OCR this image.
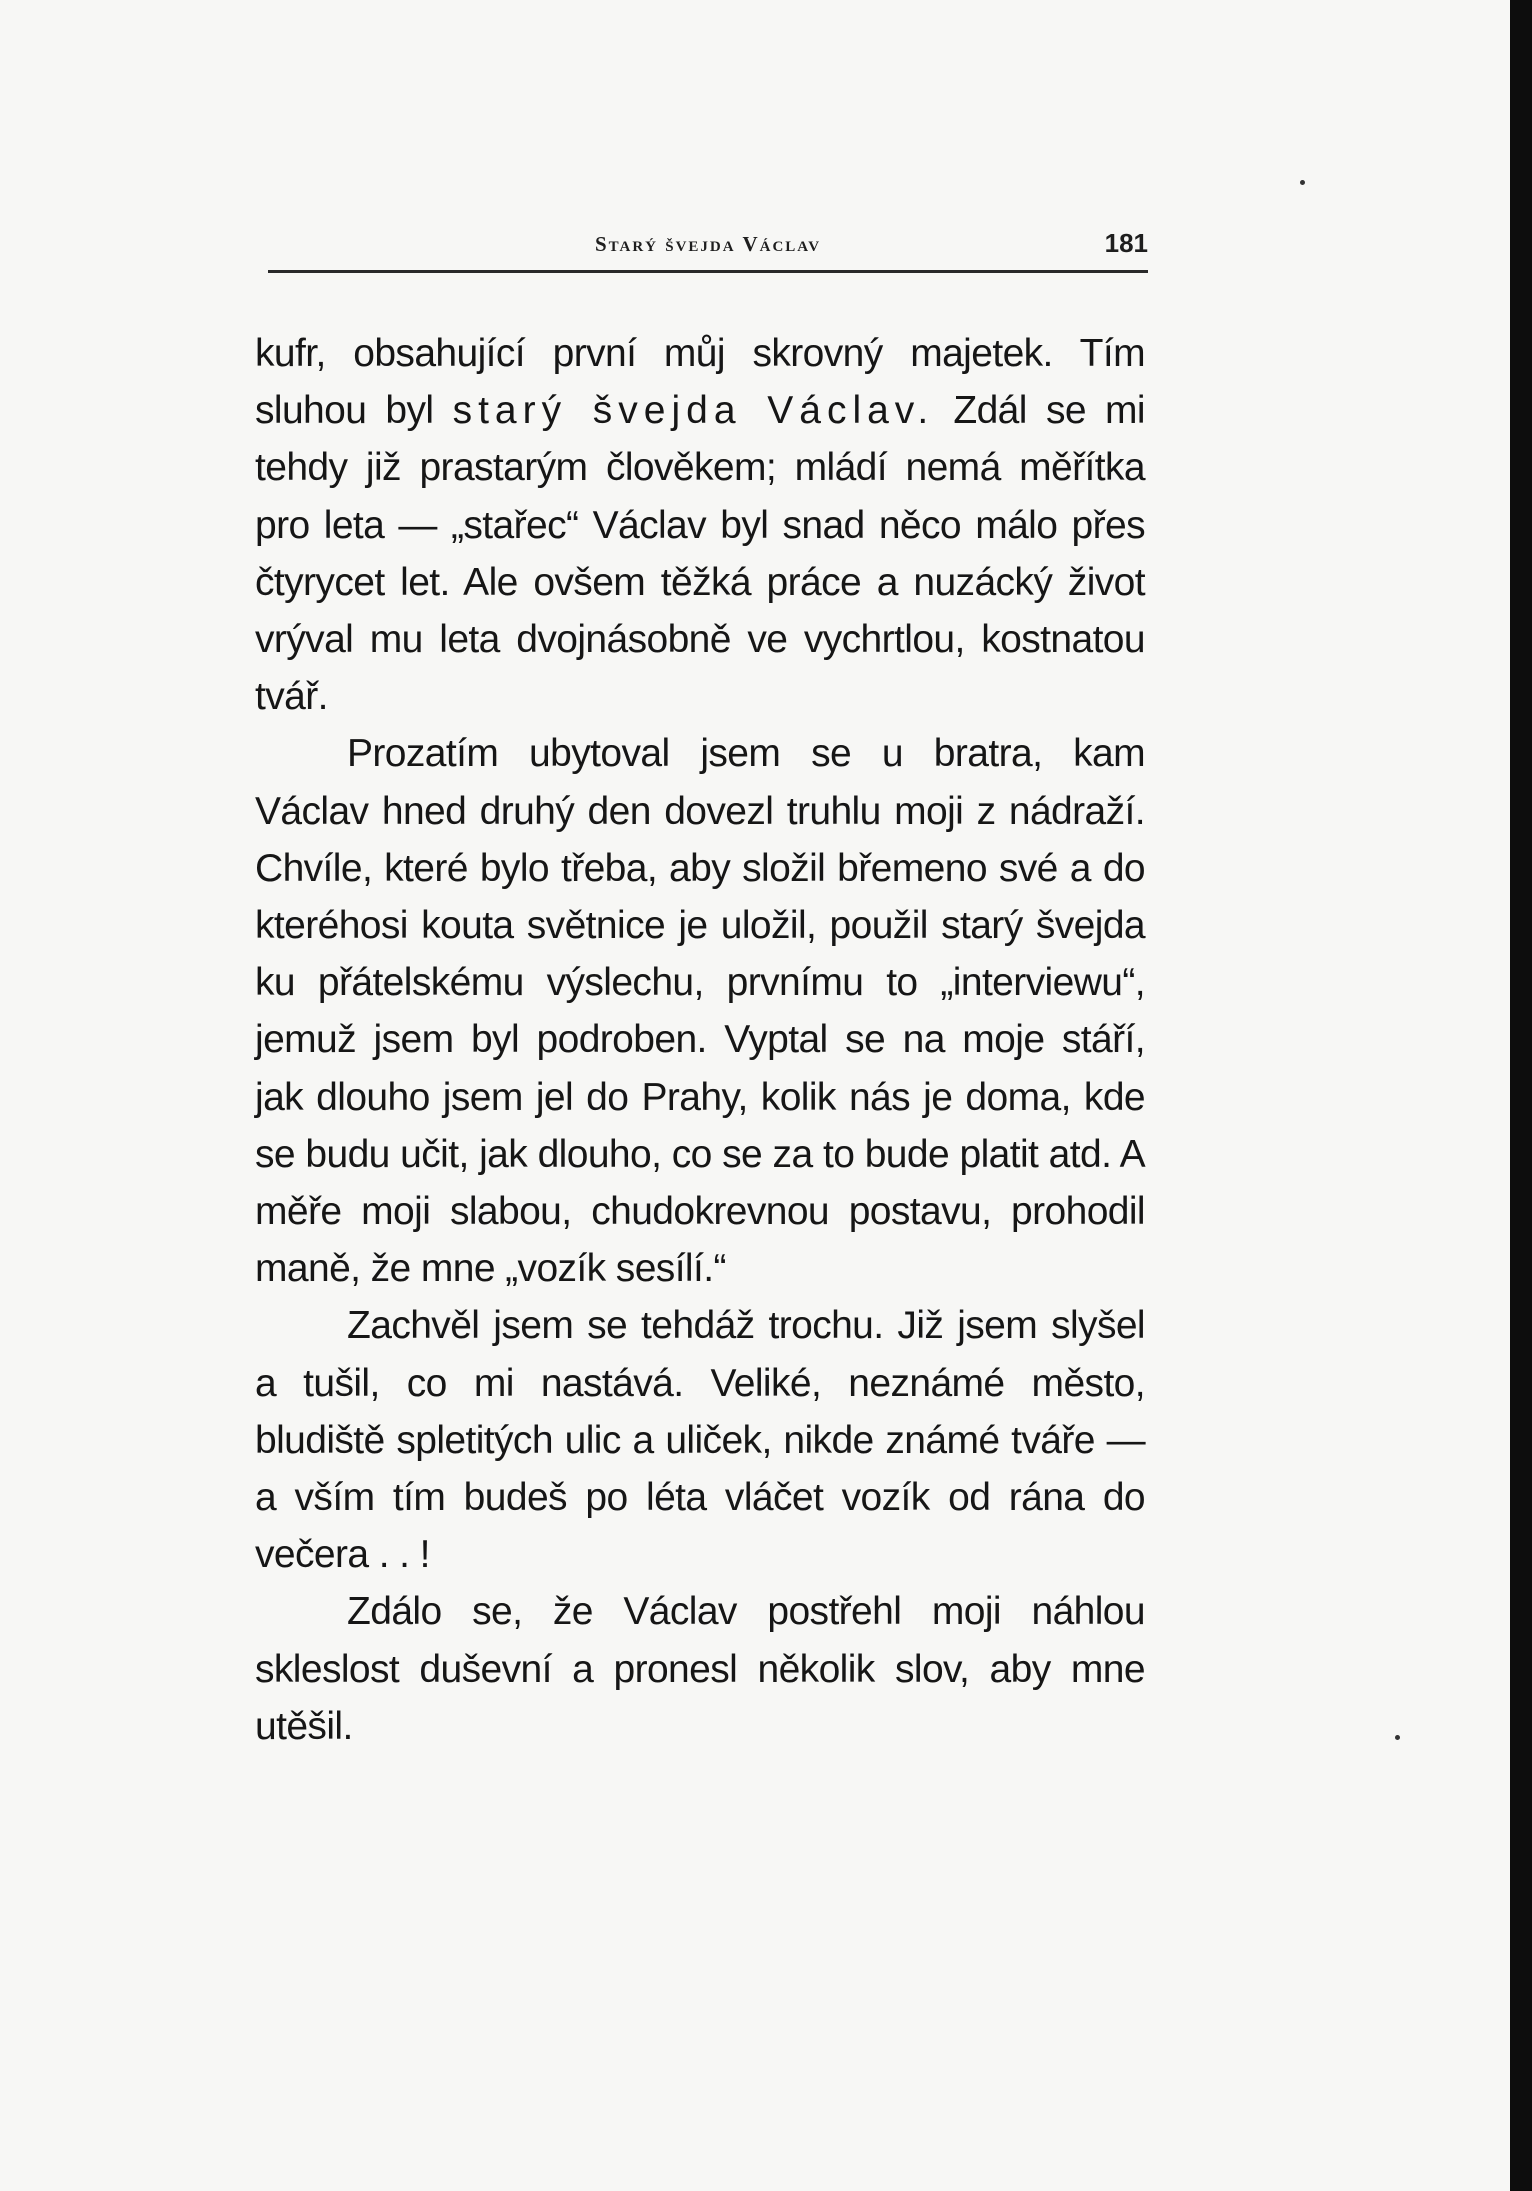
Starý švejda Václav	181

kufr, obsahující první můj skrovný majetek. Tím sluhou byl starý švejda Václav. Zdál se mi tehdy již prastarým člověkem; mládí nemá měřítka pro leta — „stařec“ Václav byl snad něco málo přes čtyrycet let. Ale ovšem těžká práce a nuzácký život vrýval mu leta dvojnásobně ve vychrtlou, kostnatou tvář.

Prozatím ubytoval jsem se u bratra, kam Václav hned druhý den dovezl truhlu moji z nádraží. Chvíle, které bylo třeba, aby složil břemeno své a do kteréhosi kouta světnice je uložil, použil starý švejda ku přátelskému výslechu, prvnímu to „interviewu“, jemuž jsem byl podroben. Vyptal se na moje stáří, jak dlouho jsem jel do Prahy, kolik nás je doma, kde se budu učit, jak dlouho, co se za to bude platit atd. A měře moji slabou, chudokrevnou postavu, prohodil maně, že mne „vozík sesílí.“

Zachvěl jsem se tehdáž trochu. Již jsem slyšel a tušil, co mi nastává. Veliké, neznámé město, bludiště spletitých ulic a uliček, nikde známé tváře — a vším tím budeš po léta vláčet vozík od rána do večera . . !

Zdálo se, že Václav postřehl moji náhlou skleslost duševní a pronesl několik slov, aby mne utěšil.
